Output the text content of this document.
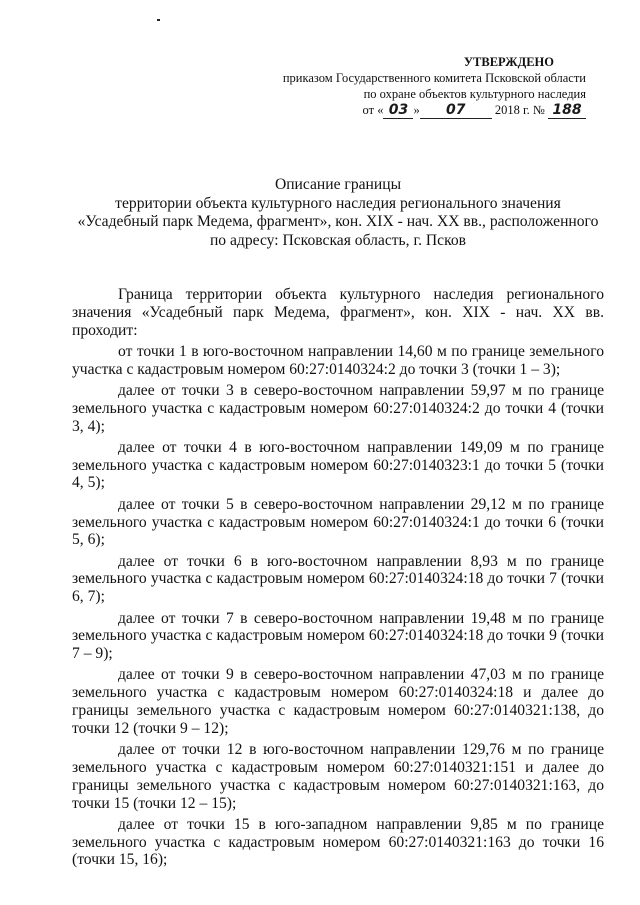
УТВЕРЖДЕНО
приказом Государственного комитета Псковской области
по охране объектов культурного наследия
от « 03 » 07 2018 г. № 188
Описание границы
территории объекта культурного наследия регионального значения
«Усадебный парк Медема, фрагмент», кон. XIX - нач. XX вв., расположенного
по адресу: Псковская область, г. Псков

Граница территории объекта культурного наследия регионального значения «Усадебный парк Медема, фрагмент», кон. XIX - нач. XX вв. проходит:

от точки 1 в юго-восточном направлении 14,60 м по границе земельного участка с кадастровым номером 60:27:0140324:2 до точки 3 (точки 1 – 3);

далее от точки 3 в северо-восточном направлении 59,97 м по границе земельного участка с кадастровым номером 60:27:0140324:2 до точки 4 (точки 3, 4);

далее от точки 4 в юго-восточном направлении 149,09 м по границе земельного участка с кадастровым номером 60:27:0140323:1 до точки 5 (точки 4, 5);

далее от точки 5 в северо-восточном направлении 29,12 м по границе земельного участка с кадастровым номером 60:27:0140324:1 до точки 6 (точки 5, 6);

далее от точки 6 в юго-восточном направлении 8,93 м по границе земельного участка с кадастровым номером 60:27:0140324:18 до точки 7 (точки 6, 7);

далее от точки 7 в северо-восточном направлении 19,48 м по границе земельного участка с кадастровым номером 60:27:0140324:18 до точки 9 (точки 7 – 9);

далее от точки 9 в северо-восточном направлении 47,03 м по границе земельного участка с кадастровым номером 60:27:0140324:18 и далее до границы земельного участка с кадастровым номером 60:27:0140321:138, до точки 12 (точки 9 – 12);

далее от точки 12 в юго-восточном направлении 129,76 м по границе земельного участка с кадастровым номером 60:27:0140321:151 и далее до границы земельного участка с кадастровым номером 60:27:0140321:163, до точки 15 (точки 12 – 15);

далее от точки 15 в юго-западном направлении 9,85 м по границе земельного участка с кадастровым номером 60:27:0140321:163 до точки 16 (точки 15, 16);
